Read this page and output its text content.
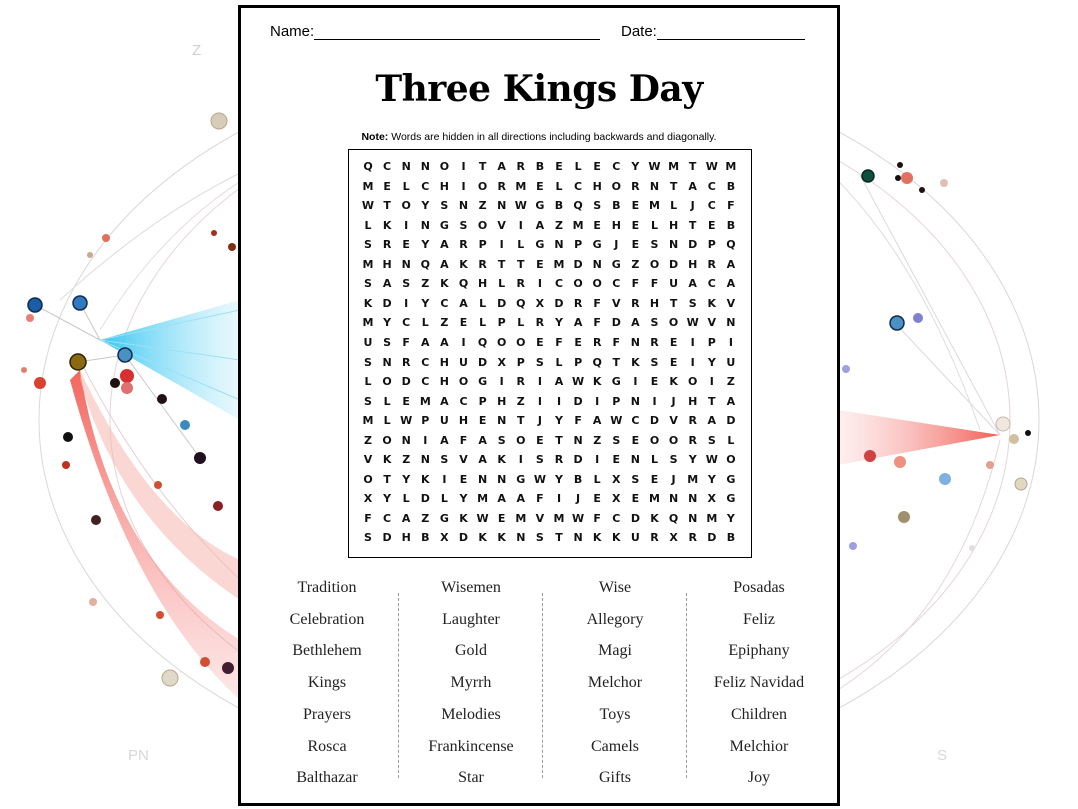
Z
PN	S
Name:	Date:
Three Kings Day
Note: Words are hidden in all directions including backwards and diagonally.
Q C N N O	I	T	A R B	E	L	E	C	Y W M T W M
M E	L	C H	I	O R M E	L	C H O R N T	A C B
W T O Y	S N Z N W G B Q S B	E M L	J	C	F
L	K	I	N G S O V	I	A Z M E H E	L H T	E	B
S R	E	Y A R P	I	L	G N P G	J	E	S N D P Q
M H N Q A K R	T	T	E M D N G Z O D H R A
S A S	Z K Q H L	R	I	C O O C	F	F U A C A
K D	I	Y	C A	L	D Q X D R	F	V R H T	S K V
M Y	C	L	Z	E	L	P	L	R Y A	F D A S O W V N
U S	F	A A	I	Q O O E	F	E	R	F N R	E	I	P	I
S N R C H U D X P	S	L	P Q T	K S	E	I	Y U
L O D C H O G	I	R	I	A W K G	I	E	K O	I	Z
S	L	E M A C	P H Z	I	I	D	I	P N	I	J	H T	A
M L W P U H E N T	J	Y	F	A W C D V R A D
Z O N	I	A	F	A S O E	T N Z	S	E O O R S	L
V K Z N S V A K	I	S R D	I	E N L	S	Y W O
O T	Y K	I	E N N G W Y B	L	X S	E	J	M Y G
X Y	L	D	L	Y M A A	F	I	J	E	X	E M N N X G
F	C A Z G K W E M V M W F	C D K Q N M Y
S D H B X D K K N S	T N K K U R X R D B
Tradition
Celebration
Bethlehem
Kings
Prayers
Rosca
Balthazar
Wisemen
Laughter
Gold
Myrrh
Melodies
Frankincense
Star
Wise
Allegory
Magi
Melchor
Toys
Camels
Gifts
Posadas
Feliz
Epiphany
Feliz Navidad
Children
Melchior
Joy
